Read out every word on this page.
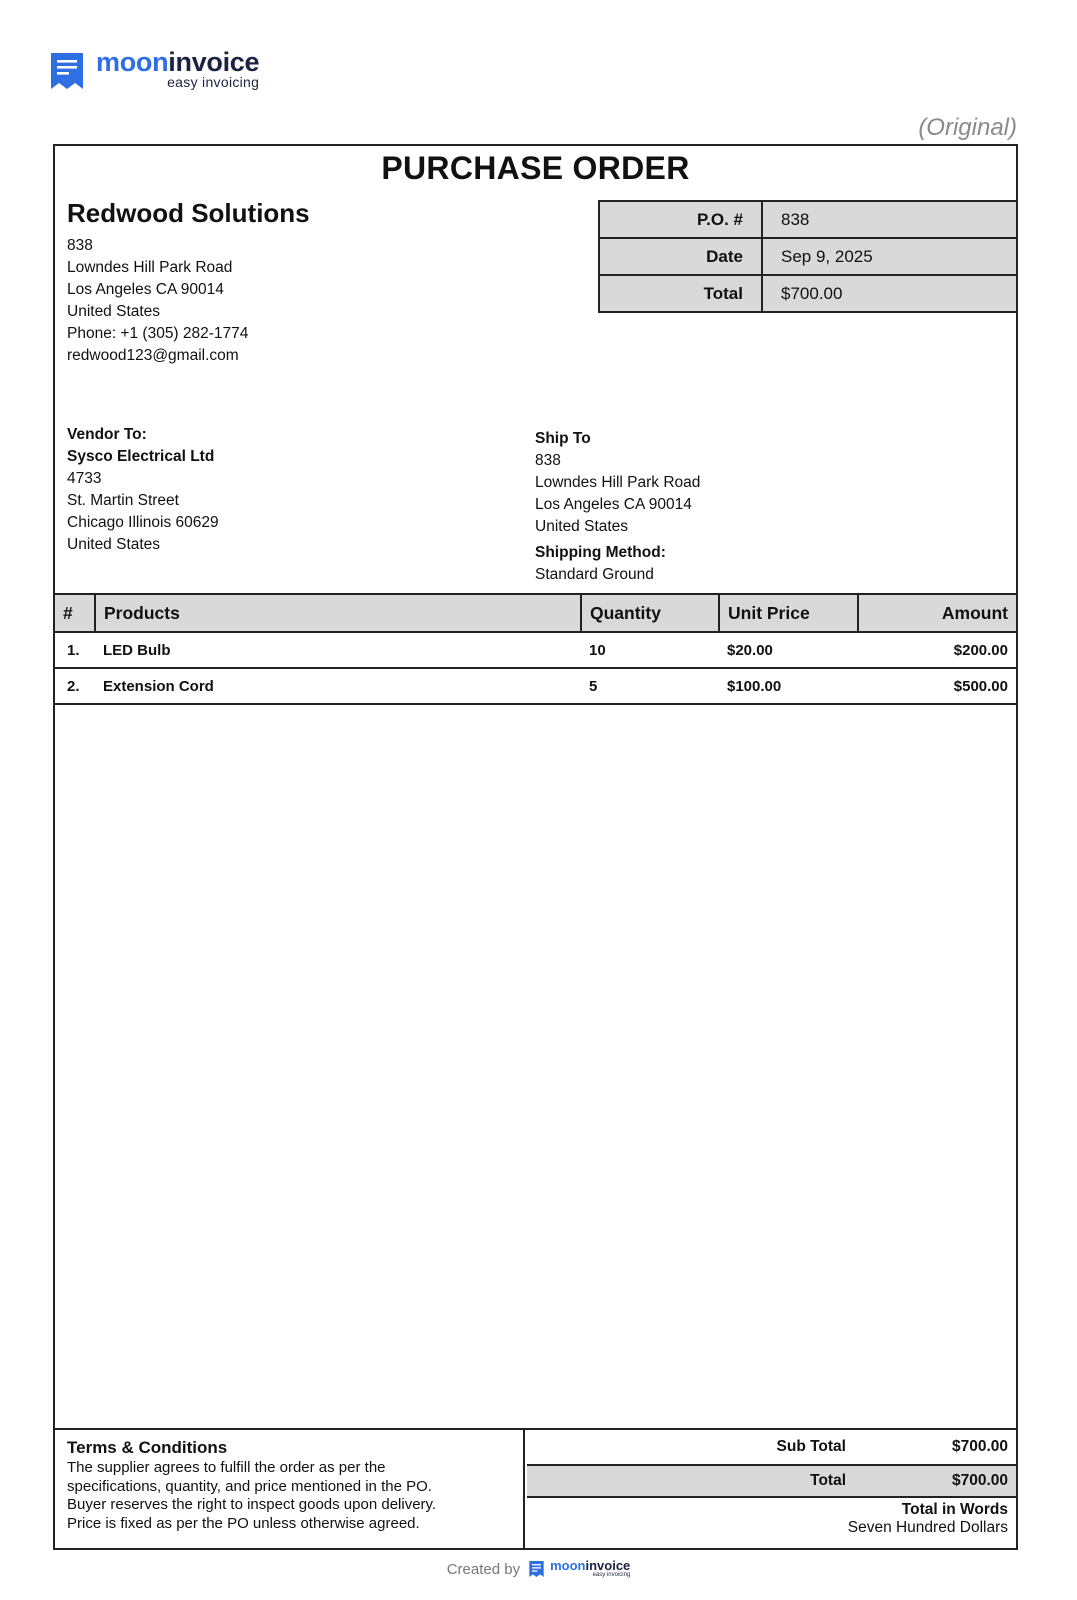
mooninvoice
easy invoicing
(Original)
PURCHASE ORDER
Redwood Solutions
838
Lowndes Hill Park Road
Los Angeles CA 90014
United States
Phone: +1 (305) 282-1774
redwood123@gmail.com
P.O. #	838
Date	Sep 9, 2025
Total	$700.00
Vendor To:
Sysco Electrical Ltd
4733
St. Martin Street
Chicago Illinois 60629
United States
Ship To
838
Lowndes Hill Park Road
Los Angeles CA 90014
United States
Shipping Method:
Standard Ground
#	Products	Quantity	Unit Price	Amount
1.	LED Bulb	10	$20.00	$200.00
2.	Extension Cord	5	$100.00	$500.00
Terms & Conditions
The supplier agrees to fulfill the order as per the
specifications, quantity, and price mentioned in the PO.
Buyer reserves the right to inspect goods upon delivery.
Price is fixed as per the PO unless otherwise agreed.
Sub Total	$700.00
Total	$700.00
Total in Words
Seven Hundred Dollars
Created by mooninvoice
easy invoicing
